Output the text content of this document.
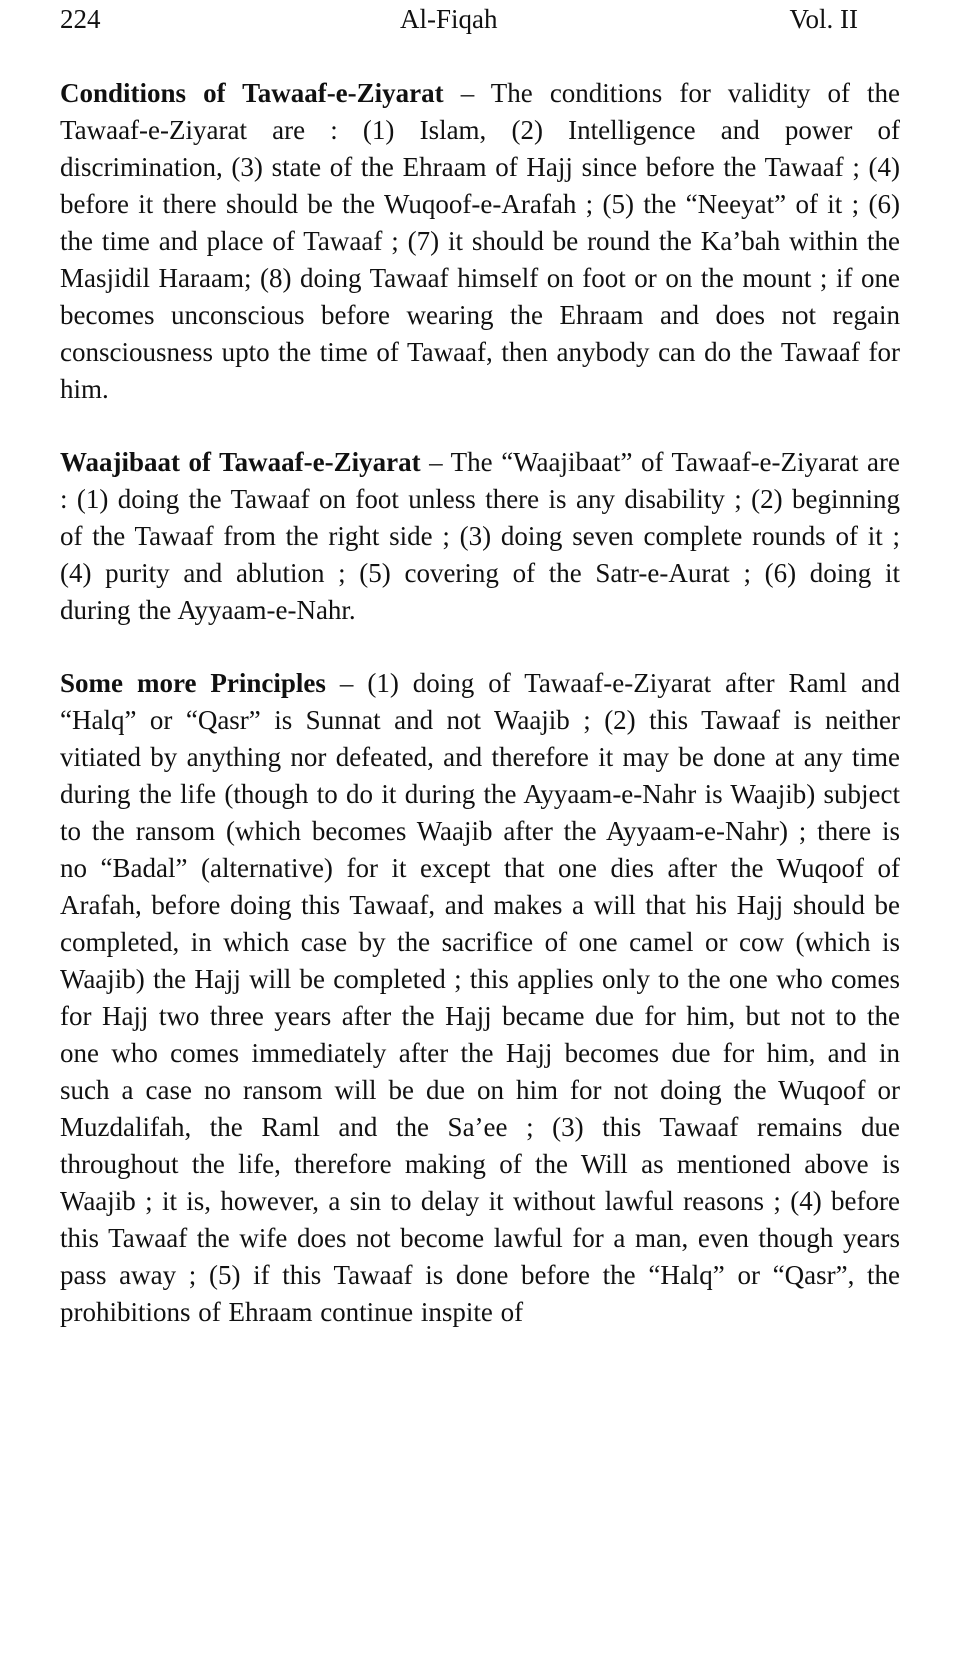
224	Al-Fiqah	Vol. II

Conditions of Tawaaf-e-Ziyarat – The conditions for validity of the Tawaaf-e-Ziyarat are : (1) Islam, (2) Intelligence and power of discrimination, (3) state of the Ehraam of Hajj since before the Tawaaf ; (4) before it there should be the Wuqoof-e-Arafah ; (5) the “Neeyat” of it ; (6) the time and place of Tawaaf ; (7) it should be round the Ka’bah within the Masjidil Haraam; (8) doing Tawaaf himself on foot or on the mount ; if one becomes unconscious before wearing the Ehraam and does not regain consciousness upto the time of Tawaaf, then anybody can do the Tawaaf for him.

Waajibaat of Tawaaf-e-Ziyarat – The “Waajibaat” of Tawaaf-e-Ziyarat are : (1) doing the Tawaaf on foot unless there is any disability ; (2) beginning of the Tawaaf from the right side ; (3) doing seven complete rounds of it ; (4) purity and ablution ; (5) covering of the Satr-e-Aurat ; (6) doing it during the Ayyaam-e-Nahr.

Some more Principles – (1) doing of Tawaaf-e-Ziyarat after Raml and “Halq” or “Qasr” is Sunnat and not Waajib ; (2) this Tawaaf is neither vitiated by anything nor defeated, and therefore it may be done at any time during the life (though to do it during the Ayyaam-e-Nahr is Waajib) subject to the ransom (which becomes Waajib after the Ayyaam-e-Nahr) ; there is no “Badal” (alternative) for it except that one dies after the Wuqoof of Arafah, before doing this Tawaaf, and makes a will that his Hajj should be completed, in which case by the sacrifice of one camel or cow (which is Waajib) the Hajj will be completed ; this applies only to the one who comes for Hajj two three years after the Hajj became due for him, but not to the one who comes immediately after the Hajj becomes due for him, and in such a case no ransom will be due on him for not doing the Wuqoof or Muzdalifah, the Raml and the Sa’ee ; (3) this Tawaaf remains due throughout the life, therefore making of the Will as mentioned above is Waajib ; it is, however, a sin to delay it without lawful reasons ; (4) before this Tawaaf the wife does not become lawful for a man, even though years pass away ; (5) if this Tawaaf is done before the “Halq” or “Qasr”, the prohibitions of Ehraam continue inspite of
